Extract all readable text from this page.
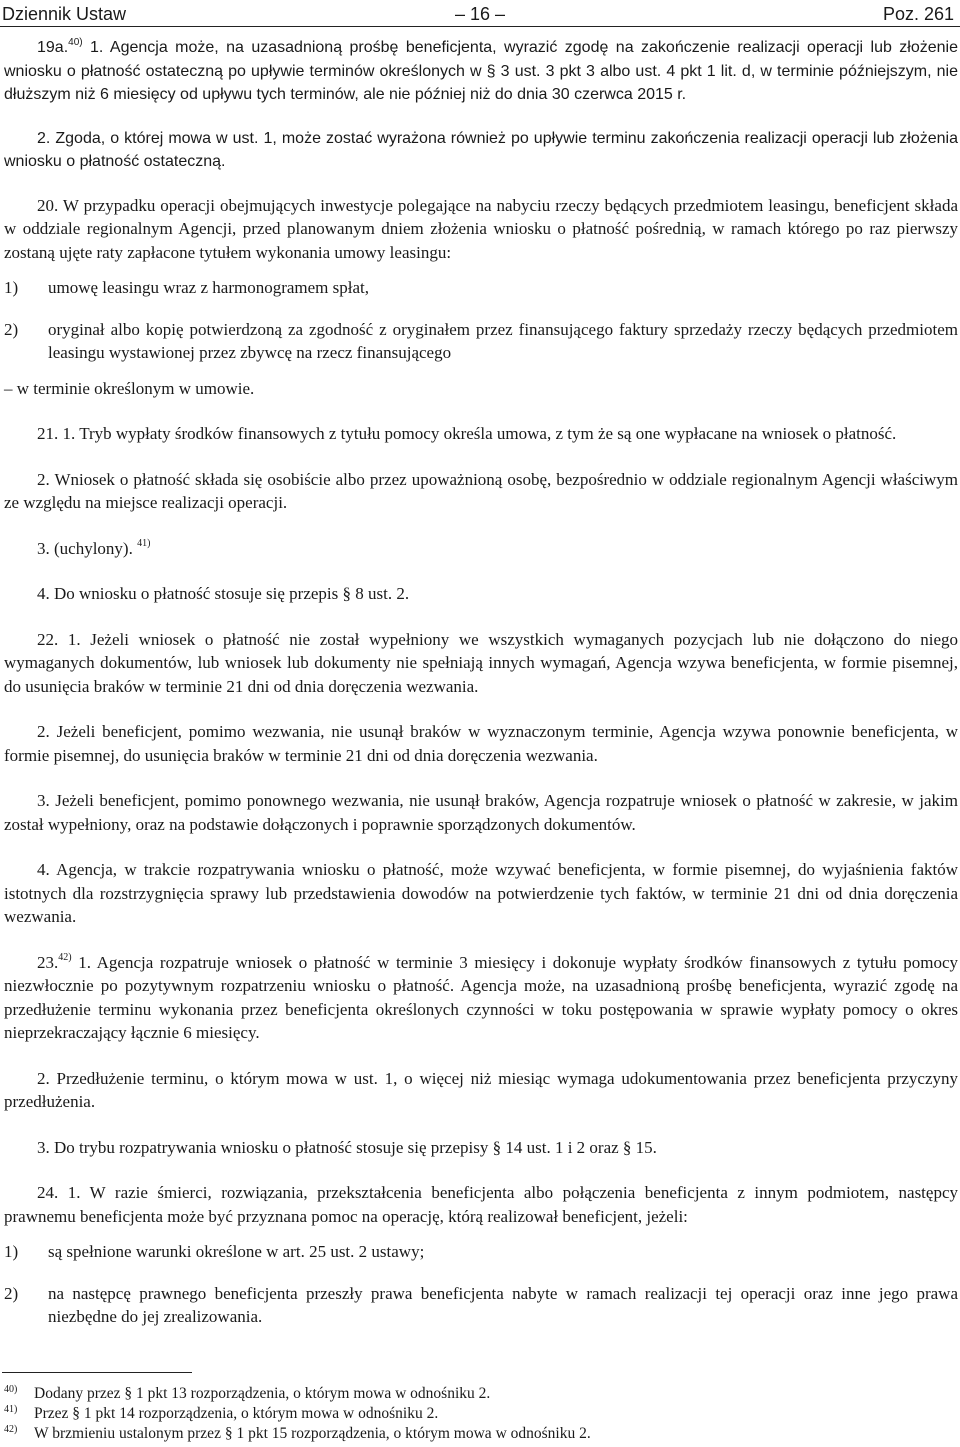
Dziennik Ustaw	– 16 –	Poz. 261

19a.$^{40)}$ 1. Agencja może, na uzasadnioną prośbę beneficjenta, wyrazić zgodę na zakończenie realizacji operacji lub złożenie wniosku o płatność ostateczną po upływie terminów określonych w § 3 ust. 3 pkt 3 albo ust. 4 pkt 1 lit. d, w terminie późniejszym, nie dłuższym niż 6 miesięcy od upływu tych terminów, ale nie później niż do dnia 30 czerwca 2015 r.

2. Zgoda, o której mowa w ust. 1, może zostać wyrażona również po upływie terminu zakończenia realizacji operacji lub złożenia wniosku o płatność ostateczną.

20. W przypadku operacji obejmujących inwestycje polegające na nabyciu rzeczy będących przedmiotem leasingu, beneficjent składa w oddziale regionalnym Agencji, przed planowanym dniem złożenia wniosku o płatność pośrednią, w ramach którego po raz pierwszy zostaną ujęte raty zapłacone tytułem wykonania umowy leasingu:

1) umowę leasingu wraz z harmonogramem spłat,
2) oryginał albo kopię potwierdzoną za zgodność z oryginałem przez finansującego faktury sprzedaży rzeczy będących przedmiotem leasingu wystawionej przez zbywcę na rzecz finansującego

– w terminie określonym w umowie.

21. 1. Tryb wypłaty środków finansowych z tytułu pomocy określa umowa, z tym że są one wypłacane na wniosek o płatność.

2. Wniosek o płatność składa się osobiście albo przez upoważnioną osobę, bezpośrednio w oddziale regionalnym Agencji właściwym ze względu na miejsce realizacji operacji.

3. (uchylony). $^{41)}$

4. Do wniosku o płatność stosuje się przepis § 8 ust. 2.

22. 1. Jeżeli wniosek o płatność nie został wypełniony we wszystkich wymaganych pozycjach lub nie dołączono do niego wymaganych dokumentów, lub wniosek lub dokumenty nie spełniają innych wymagań, Agencja wzywa beneficjenta, w formie pisemnej, do usunięcia braków w terminie 21 dni od dnia doręczenia wezwania.

2. Jeżeli beneficjent, pomimo wezwania, nie usunął braków w wyznaczonym terminie, Agencja wzywa ponownie beneficjenta, w formie pisemnej, do usunięcia braków w terminie 21 dni od dnia doręczenia wezwania.

3. Jeżeli beneficjent, pomimo ponownego wezwania, nie usunął braków, Agencja rozpatruje wniosek o płatność w zakresie, w jakim został wypełniony, oraz na podstawie dołączonych i poprawnie sporządzonych dokumentów.

4. Agencja, w trakcie rozpatrywania wniosku o płatność, może wzywać beneficjenta, w formie pisemnej, do wyjaśnienia faktów istotnych dla rozstrzygnięcia sprawy lub przedstawienia dowodów na potwierdzenie tych faktów, w terminie 21 dni od dnia doręczenia wezwania.

23.$^{42)}$ 1. Agencja rozpatruje wniosek o płatność w terminie 3 miesięcy i dokonuje wypłaty środków finansowych z tytułu pomocy niezwłocznie po pozytywnym rozpatrzeniu wniosku o płatność. Agencja może, na uzasadnioną prośbę beneficjenta, wyrazić zgodę na przedłużenie terminu wykonania przez beneficjenta określonych czynności w toku postępowania w sprawie wypłaty pomocy o okres nieprzekraczający łącznie 6 miesięcy.

2. Przedłużenie terminu, o którym mowa w ust. 1, o więcej niż miesiąc wymaga udokumentowania przez beneficjenta przyczyny przedłużenia.

3. Do trybu rozpatrywania wniosku o płatność stosuje się przepisy § 14 ust. 1 i 2 oraz § 15.

24. 1. W razie śmierci, rozwiązania, przekształcenia beneficjenta albo połączenia beneficjenta z innym podmiotem, następcy prawnemu beneficjenta może być przyznana pomoc na operację, którą realizował beneficjent, jeżeli:

1) są spełnione warunki określone w art. 25 ust. 2 ustawy;
2) na następcę prawnego beneficjenta przeszły prawa beneficjenta nabyte w ramach realizacji tej operacji oraz inne jego prawa niezbędne do jej zrealizowania.
40) Dodany przez § 1 pkt 13 rozporządzenia, o którym mowa w odnośniku 2.
41) Przez § 1 pkt 14 rozporządzenia, o którym mowa w odnośniku 2.
42) W brzmieniu ustalonym przez § 1 pkt 15 rozporządzenia, o którym mowa w odnośniku 2.
